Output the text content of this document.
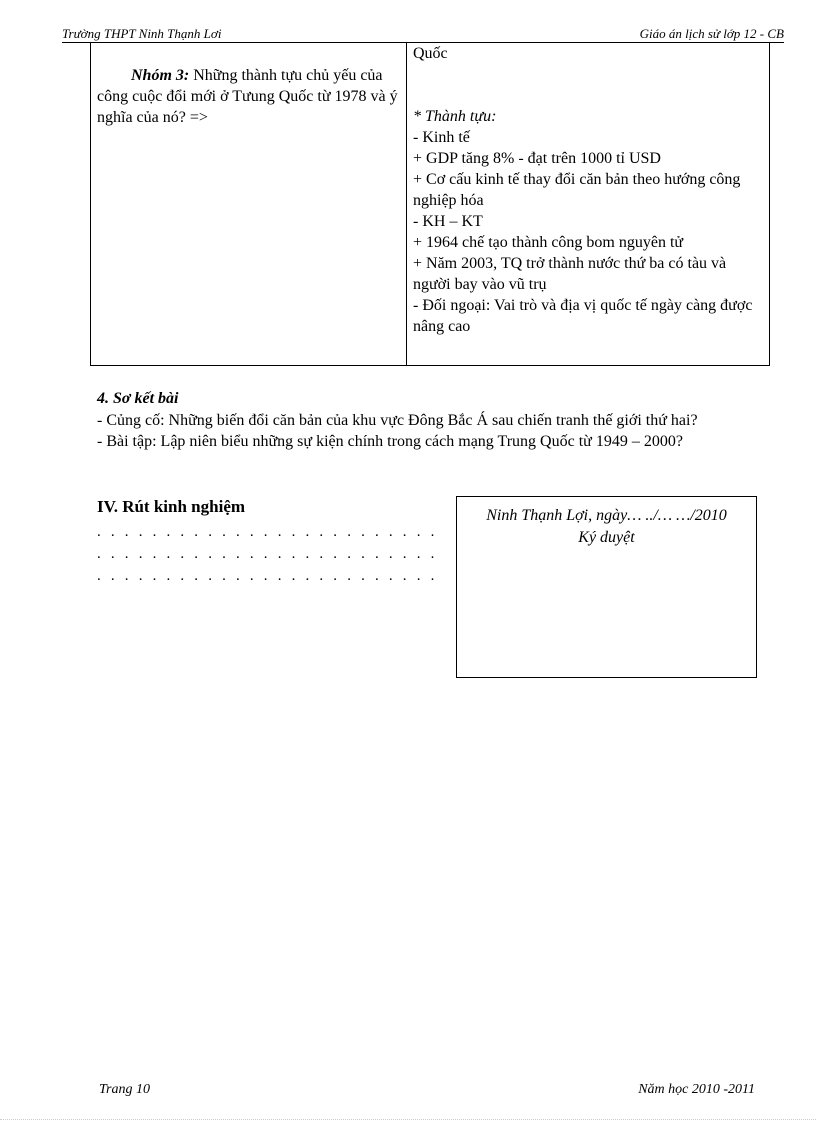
Trường THPT Ninh Thạnh Lơi	Giáo án lịch sử lớp 12 - CB
Nhóm 3: Những thành tựu chủ yếu của công cuộc đổi mới ở Tưung Quốc từ 1978 và ý nghĩa của nó? =>

Quốc
* Thành tựu:
- Kinh tế
+ GDP tăng 8% - đạt trên 1000 tỉ USD
+ Cơ cấu kinh tế thay đổi căn bản theo hướng công nghiệp hóa
- KH – KT
+ 1964 chế tạo thành công bom nguyên tử
+ Năm 2003, TQ trở thành nước thứ ba có tàu và người bay vào vũ trụ
- Đối ngoại: Vai trò và địa vị quốc tế ngày càng được nâng cao

4. Sơ kết bài

- Củng cố: Những biến đổi căn bản của khu vực Đông Bắc Á sau chiến tranh thế giới thứ hai?

- Bài tập: Lập niên biểu những sự kiện chính trong cách mạng Trung Quốc từ 1949 – 2000?

IV. Rút kinh nghiệm
. . . . . . . . . . . . . . . . . . . . . . . . .
. . . . . . . . . . . . . . . . . . . . . . . . .
. . . . . . . . . . . . . . . . . . . . . . . . .
Ninh Thạnh Lợi, ngày… ../… …/2010
Ký duyệt
Trang 10	Năm học 2010 -2011
